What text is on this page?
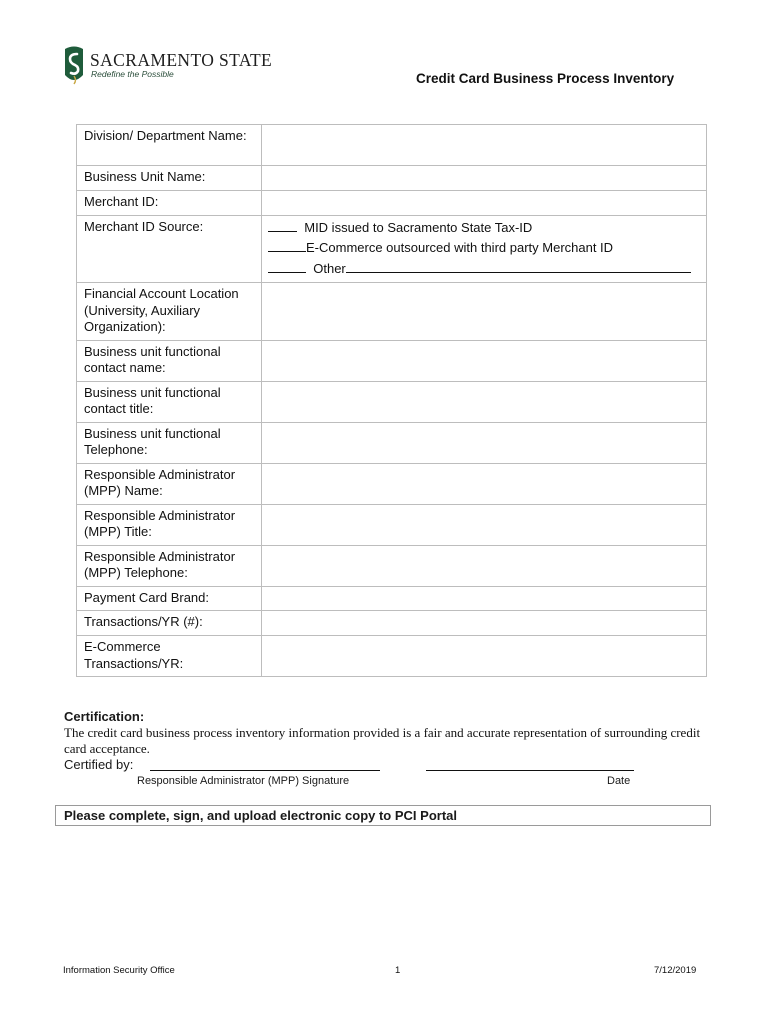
SACRAMENTO STATE
Redefine the Possible	Credit Card Business Process Inventory
Division/ Department Name:	
Business Unit Name:	
Merchant ID:	
Merchant ID Source:	MID issued to Sacramento State Tax-ID
E-Commerce outsourced with third party Merchant ID
Other

Financial Account Location (University, Auxiliary Organization):	
Business unit functional contact name:	
Business unit functional contact title:	
Business unit functional Telephone:	
Responsible Administrator (MPP) Name:	
Responsible Administrator (MPP) Title:	
Responsible Administrator (MPP) Telephone:	
Payment Card Brand:	
Transactions/YR (#):	
E-Commerce Transactions/YR:	
Certification:
The credit card business process inventory information provided is a fair and accurate representation of surrounding credit card acceptance.
Certified by:
Responsible Administrator (MPP) Signature	Date
Please complete, sign, and upload electronic copy to PCI Portal
Information Security Office	1	7/12/2019
